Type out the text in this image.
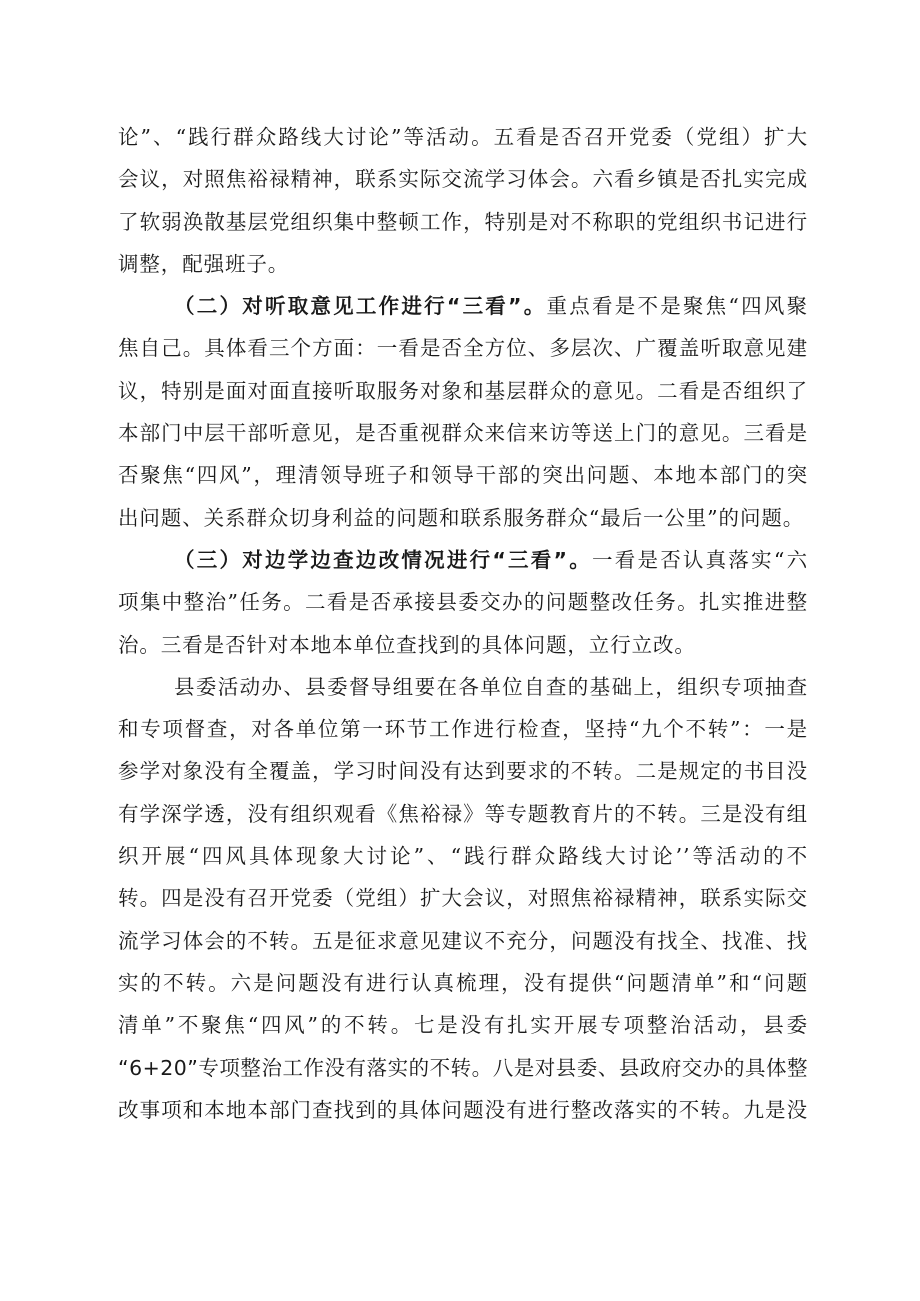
论”、“践行群众路线大讨论”等活动。五看是否召开党委（党组）扩大
会议，对照焦裕禄精神，联系实际交流学习体会。六看乡镇是否扎实完成
了软弱涣散基层党组织集中整顿工作，特别是对不称职的党组织书记进行
调整，配强班子。
（二）对听取意见工作进行“三看”。重点看是不是聚焦“四风聚
焦自己。具体看三个方面：一看是否全方位、多层次、广覆盖听取意见建
议，特别是面对面直接听取服务对象和基层群众的意见。二看是否组织了
本部门中层干部听意见，是否重视群众来信来访等送上门的意见。三看是
否聚焦“四风”，理清领导班子和领导干部的突出问题、本地本部门的突
出问题、关系群众切身利益的问题和联系服务群众“最后一公里”的问题。
（三）对边学边查边改情况进行“三看”。一看是否认真落实“六
项集中整治”任务。二看是否承接县委交办的问题整改任务。扎实推进整
治。三看是否针对本地本单位查找到的具体问题，立行立改。
县委活动办、县委督导组要在各单位自查的基础上，组织专项抽查
和专项督查，对各单位第一环节工作进行检查，坚持“九个不转”：一是
参学对象没有全覆盖，学习时间没有达到要求的不转。二是规定的书目没
有学深学透，没有组织观看《焦裕禄》等专题教育片的不转。三是没有组
织开展“四风具体现象大讨论”、“践行群众路线大讨论’’等活动的不
转。四是没有召开党委（党组）扩大会议，对照焦裕禄精神，联系实际交
流学习体会的不转。五是征求意见建议不充分，问题没有找全、找准、找
实的不转。六是问题没有进行认真梳理，没有提供“问题清单”和“问题
清单”不聚焦“四风”的不转。七是没有扎实开展专项整治活动，县委
“6+20”专项整治工作没有落实的不转。八是对县委、县政府交办的具体整
改事项和本地本部门查找到的具体问题没有进行整改落实的不转。九是没
